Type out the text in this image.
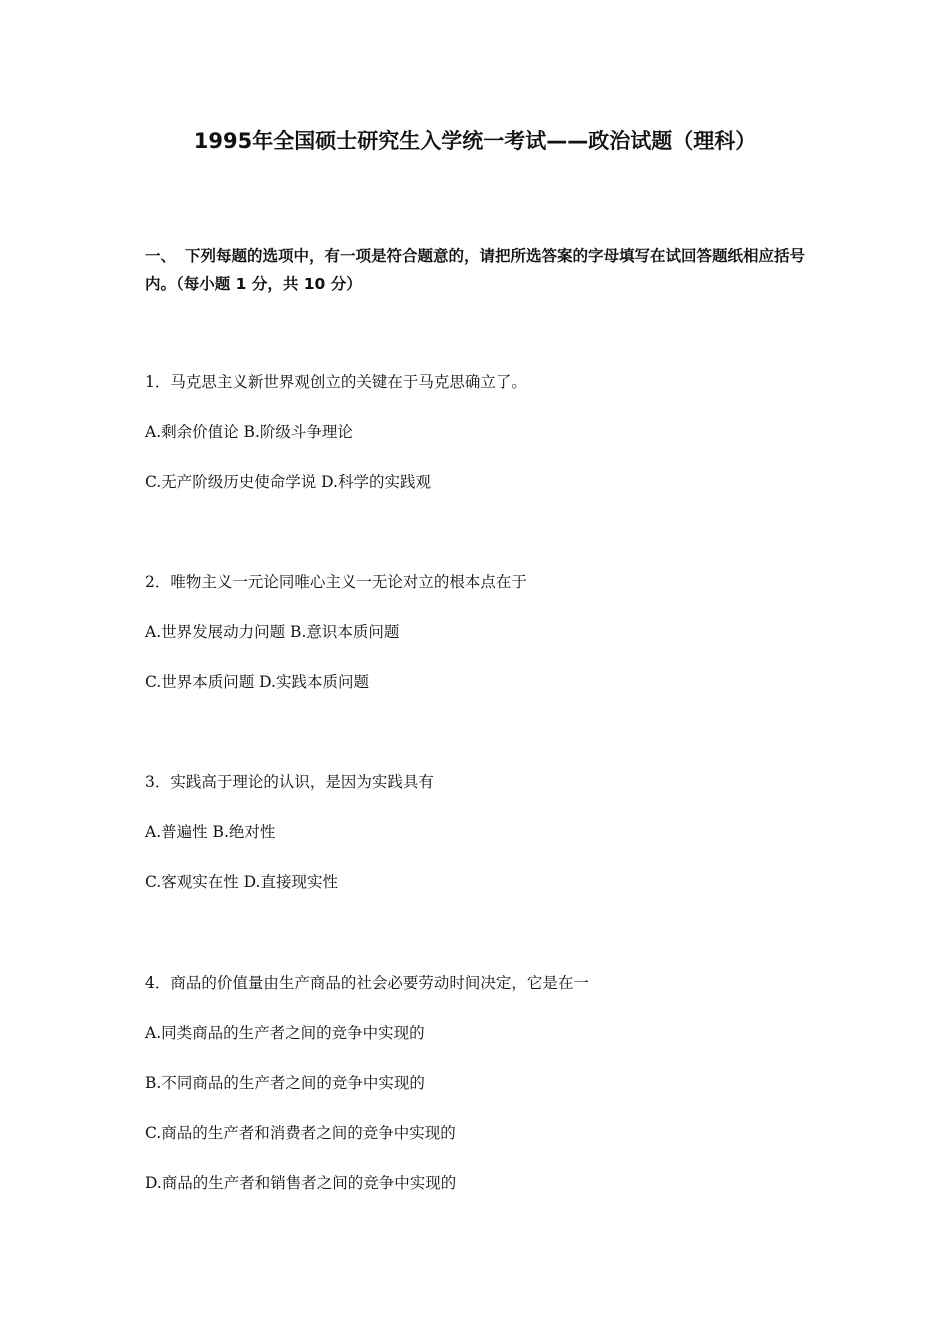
1995年全国硕士研究生入学统一考试——政治试题（理科）
一、 下列每题的选项中，有一项是符合题意的，请把所选答案的字母填写在试回答题纸相应括号内。（每小题 1 分，共 10 分）
1．马克思主义新世界观创立的关键在于马克思确立了。
A.剩余价值论 B.阶级斗争理论
C.无产阶级历史使命学说 D.科学的实践观
2．唯物主义一元论同唯心主义一无论对立的根本点在于
A.世界发展动力问题 B.意识本质问题
C.世界本质问题 D.实践本质问题
3．实践高于理论的认识，是因为实践具有
A.普遍性 B.绝对性
C.客观实在性 D.直接现实性
4．商品的价值量由生产商品的社会必要劳动时间决定，它是在一
A.同类商品的生产者之间的竞争中实现的
B.不同商品的生产者之间的竞争中实现的
C.商品的生产者和消费者之间的竞争中实现的
D.商品的生产者和销售者之间的竞争中实现的
